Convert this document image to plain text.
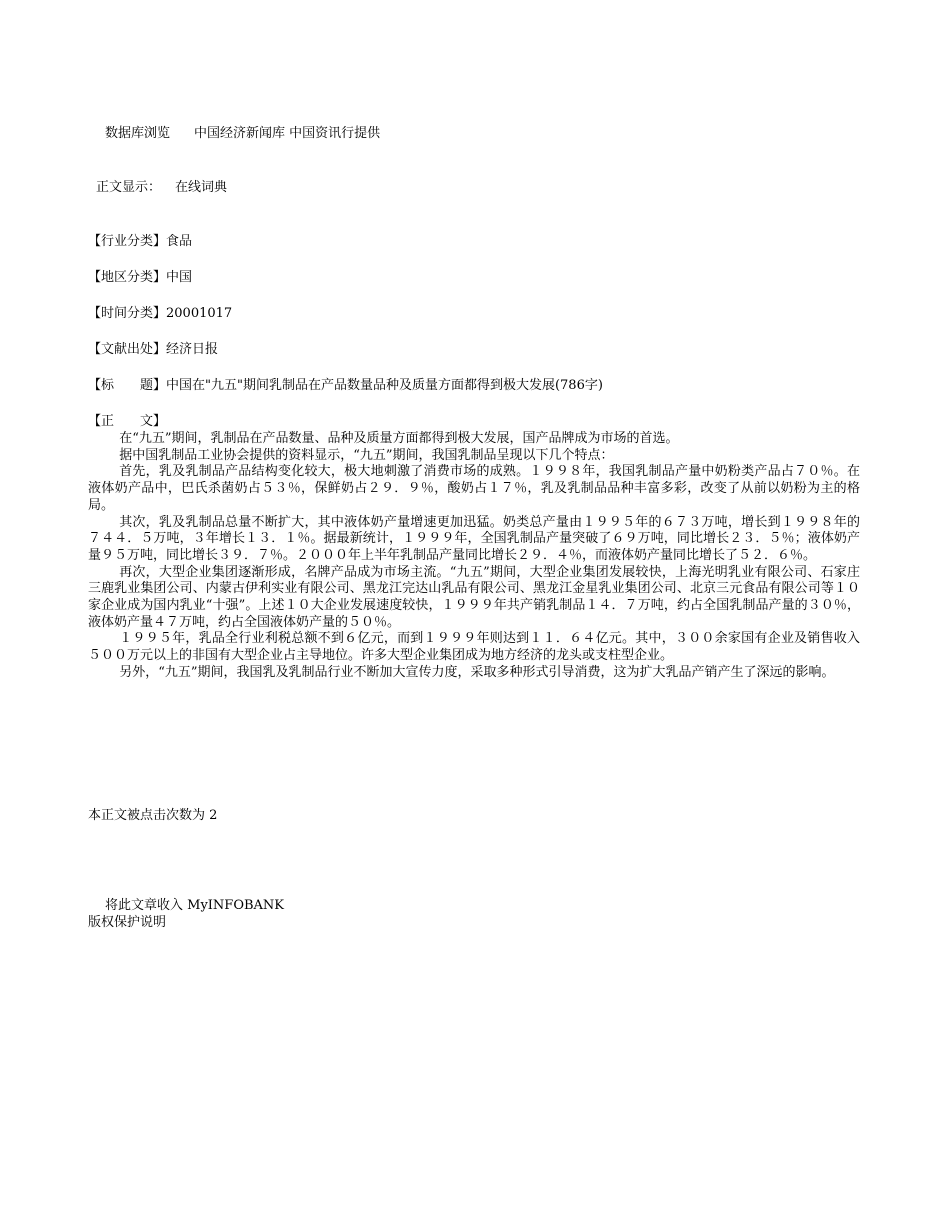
数据库浏览 中国经济新闻库 中国资讯行提供
正文显示： 在线词典
【行业分类】食品
【地区分类】中国
【时间分类】20001017
【文献出处】经济日报
【标　　题】中国在"九五"期间乳制品在产品数量品种及质量方面都得到极大发展(786字)
【正　　文】

在“九五”期间，乳制品在产品数量、品种及质量方面都得到极大发展，国产品牌成为市场的首选。

据中国乳制品工业协会提供的资料显示，“九五”期间，我国乳制品呈现以下几个特点：

首先，乳及乳制品产品结构变化较大，极大地刺激了消费市场的成熟。１９９８年，我国乳制品产量中奶粉类产品占７０％。在液体奶产品中，巴氏杀菌奶占５３％，保鲜奶占２９．９％，酸奶占１７％，乳及乳制品品种丰富多彩，改变了从前以奶粉为主的格局。

其次，乳及乳制品总量不断扩大，其中液体奶产量增速更加迅猛。奶类总产量由１９９５年的６７３万吨，增长到１９９８年的７４４．５万吨，３年增长１３．１％。据最新统计，１９９９年，全国乳制品产量突破了６９万吨，同比增长２３．５％；液体奶产量９５万吨，同比增长３９．７％。２０００年上半年乳制品产量同比增长２９．４％，而液体奶产量同比增长了５２．６％。

再次，大型企业集团逐渐形成，名牌产品成为市场主流。“九五”期间，大型企业集团发展较快，上海光明乳业有限公司、石家庄三鹿乳业集团公司、内蒙古伊利实业有限公司、黑龙江完达山乳品有限公司、黑龙江金星乳业集团公司、北京三元食品有限公司等１０家企业成为国内乳业“十强”。上述１０大企业发展速度较快，１９９９年共产销乳制品１４．７万吨，约占全国乳制品产量的３０％，液体奶产量４７万吨，约占全国液体奶产量的５０％。

１９９５年，乳品全行业利税总额不到６亿元，而到１９９９年则达到１１．６４亿元。其中，３００余家国有企业及销售收入５００万元以上的非国有大型企业占主导地位。许多大型企业集团成为地方经济的龙头或支柱型企业。

另外，“九五”期间，我国乳及乳制品行业不断加大宣传力度，采取多种形式引导消费，这为扩大乳品产销产生了深远的影响。

本正文被点击次数为 2
将此文章收入 MyINFOBANK
版权保护说明
